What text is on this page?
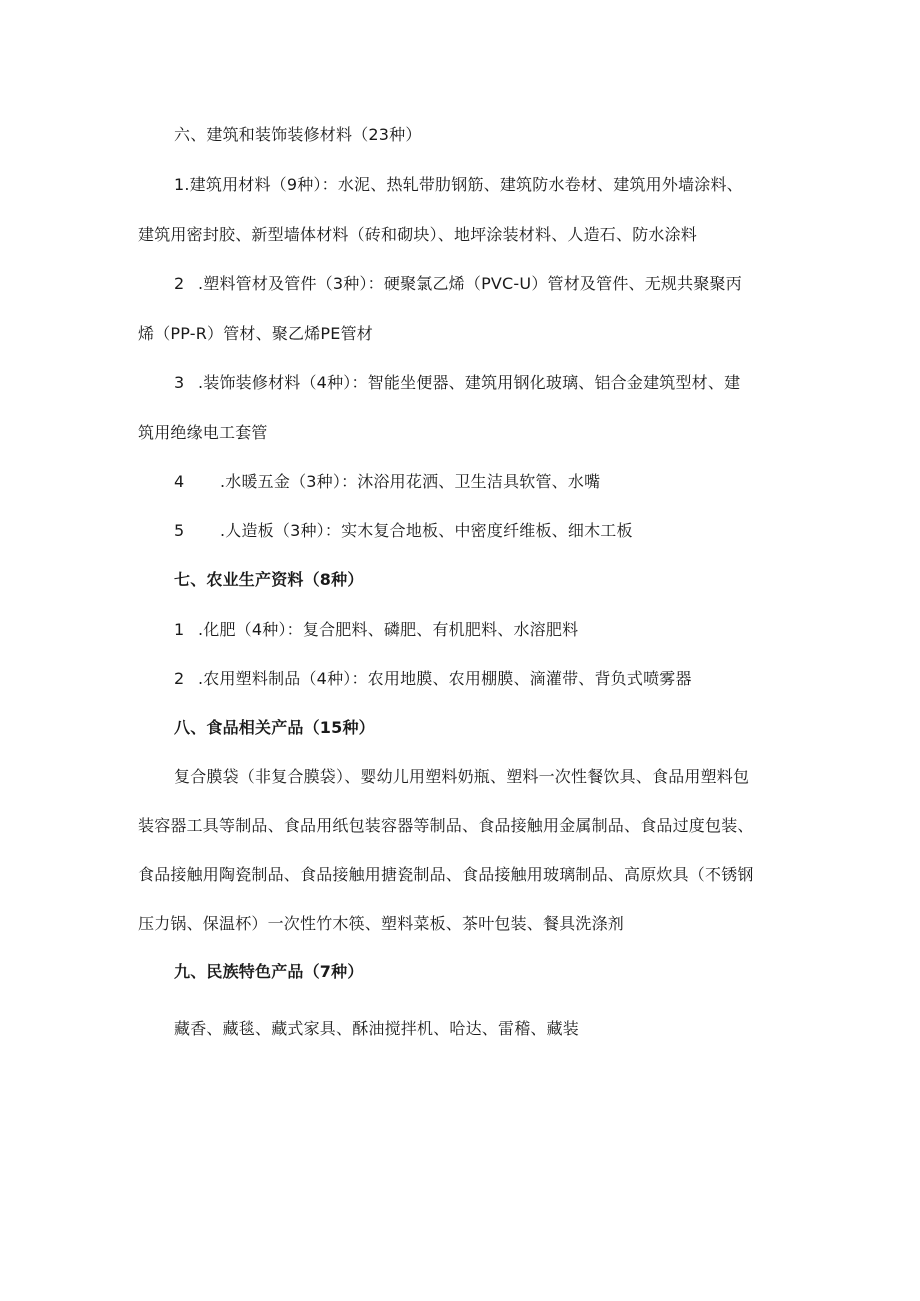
六、建筑和装饰装修材料（23种）
1.建筑用材料（9种）：水泥、热轧带肋钢筋、建筑防水卷材、建筑用外墙涂料、
建筑用密封胶、新型墙体材料（砖和砌块）、地坪涂装材料、人造石、防水涂料
2 .塑料管材及管件（3种）：硬聚氯乙烯（PVC-U）管材及管件、无规共聚聚丙
烯（PP-R）管材、聚乙烯PE管材
3 .装饰装修材料（4种）：智能坐便器、建筑用钢化玻璃、铝合金建筑型材、建
筑用绝缘电工套管
4 .水暖五金（3种）：沐浴用花洒、卫生洁具软管、水嘴
5 .人造板（3种）：实木复合地板、中密度纤维板、细木工板
七、农业生产资料（8种）
1 .化肥（4种）：复合肥料、磷肥、有机肥料、水溶肥料
2 .农用塑料制品（4种）：农用地膜、农用棚膜、滴灌带、背负式喷雾器
八、食品相关产品（15种）
复合膜袋（非复合膜袋）、婴幼儿用塑料奶瓶、塑料一次性餐饮具、食品用塑料包
装容器工具等制品、食品用纸包装容器等制品、食品接触用金属制品、食品过度包装、
食品接触用陶瓷制品、食品接触用搪瓷制品、食品接触用玻璃制品、高原炊具（不锈钢
压力锅、保温杯）一次性竹木筷、塑料菜板、茶叶包装、餐具洗涤剂
九、民族特色产品（7种）
藏香、藏毯、藏式家具、酥油搅拌机、哈达、雷稽、藏装
